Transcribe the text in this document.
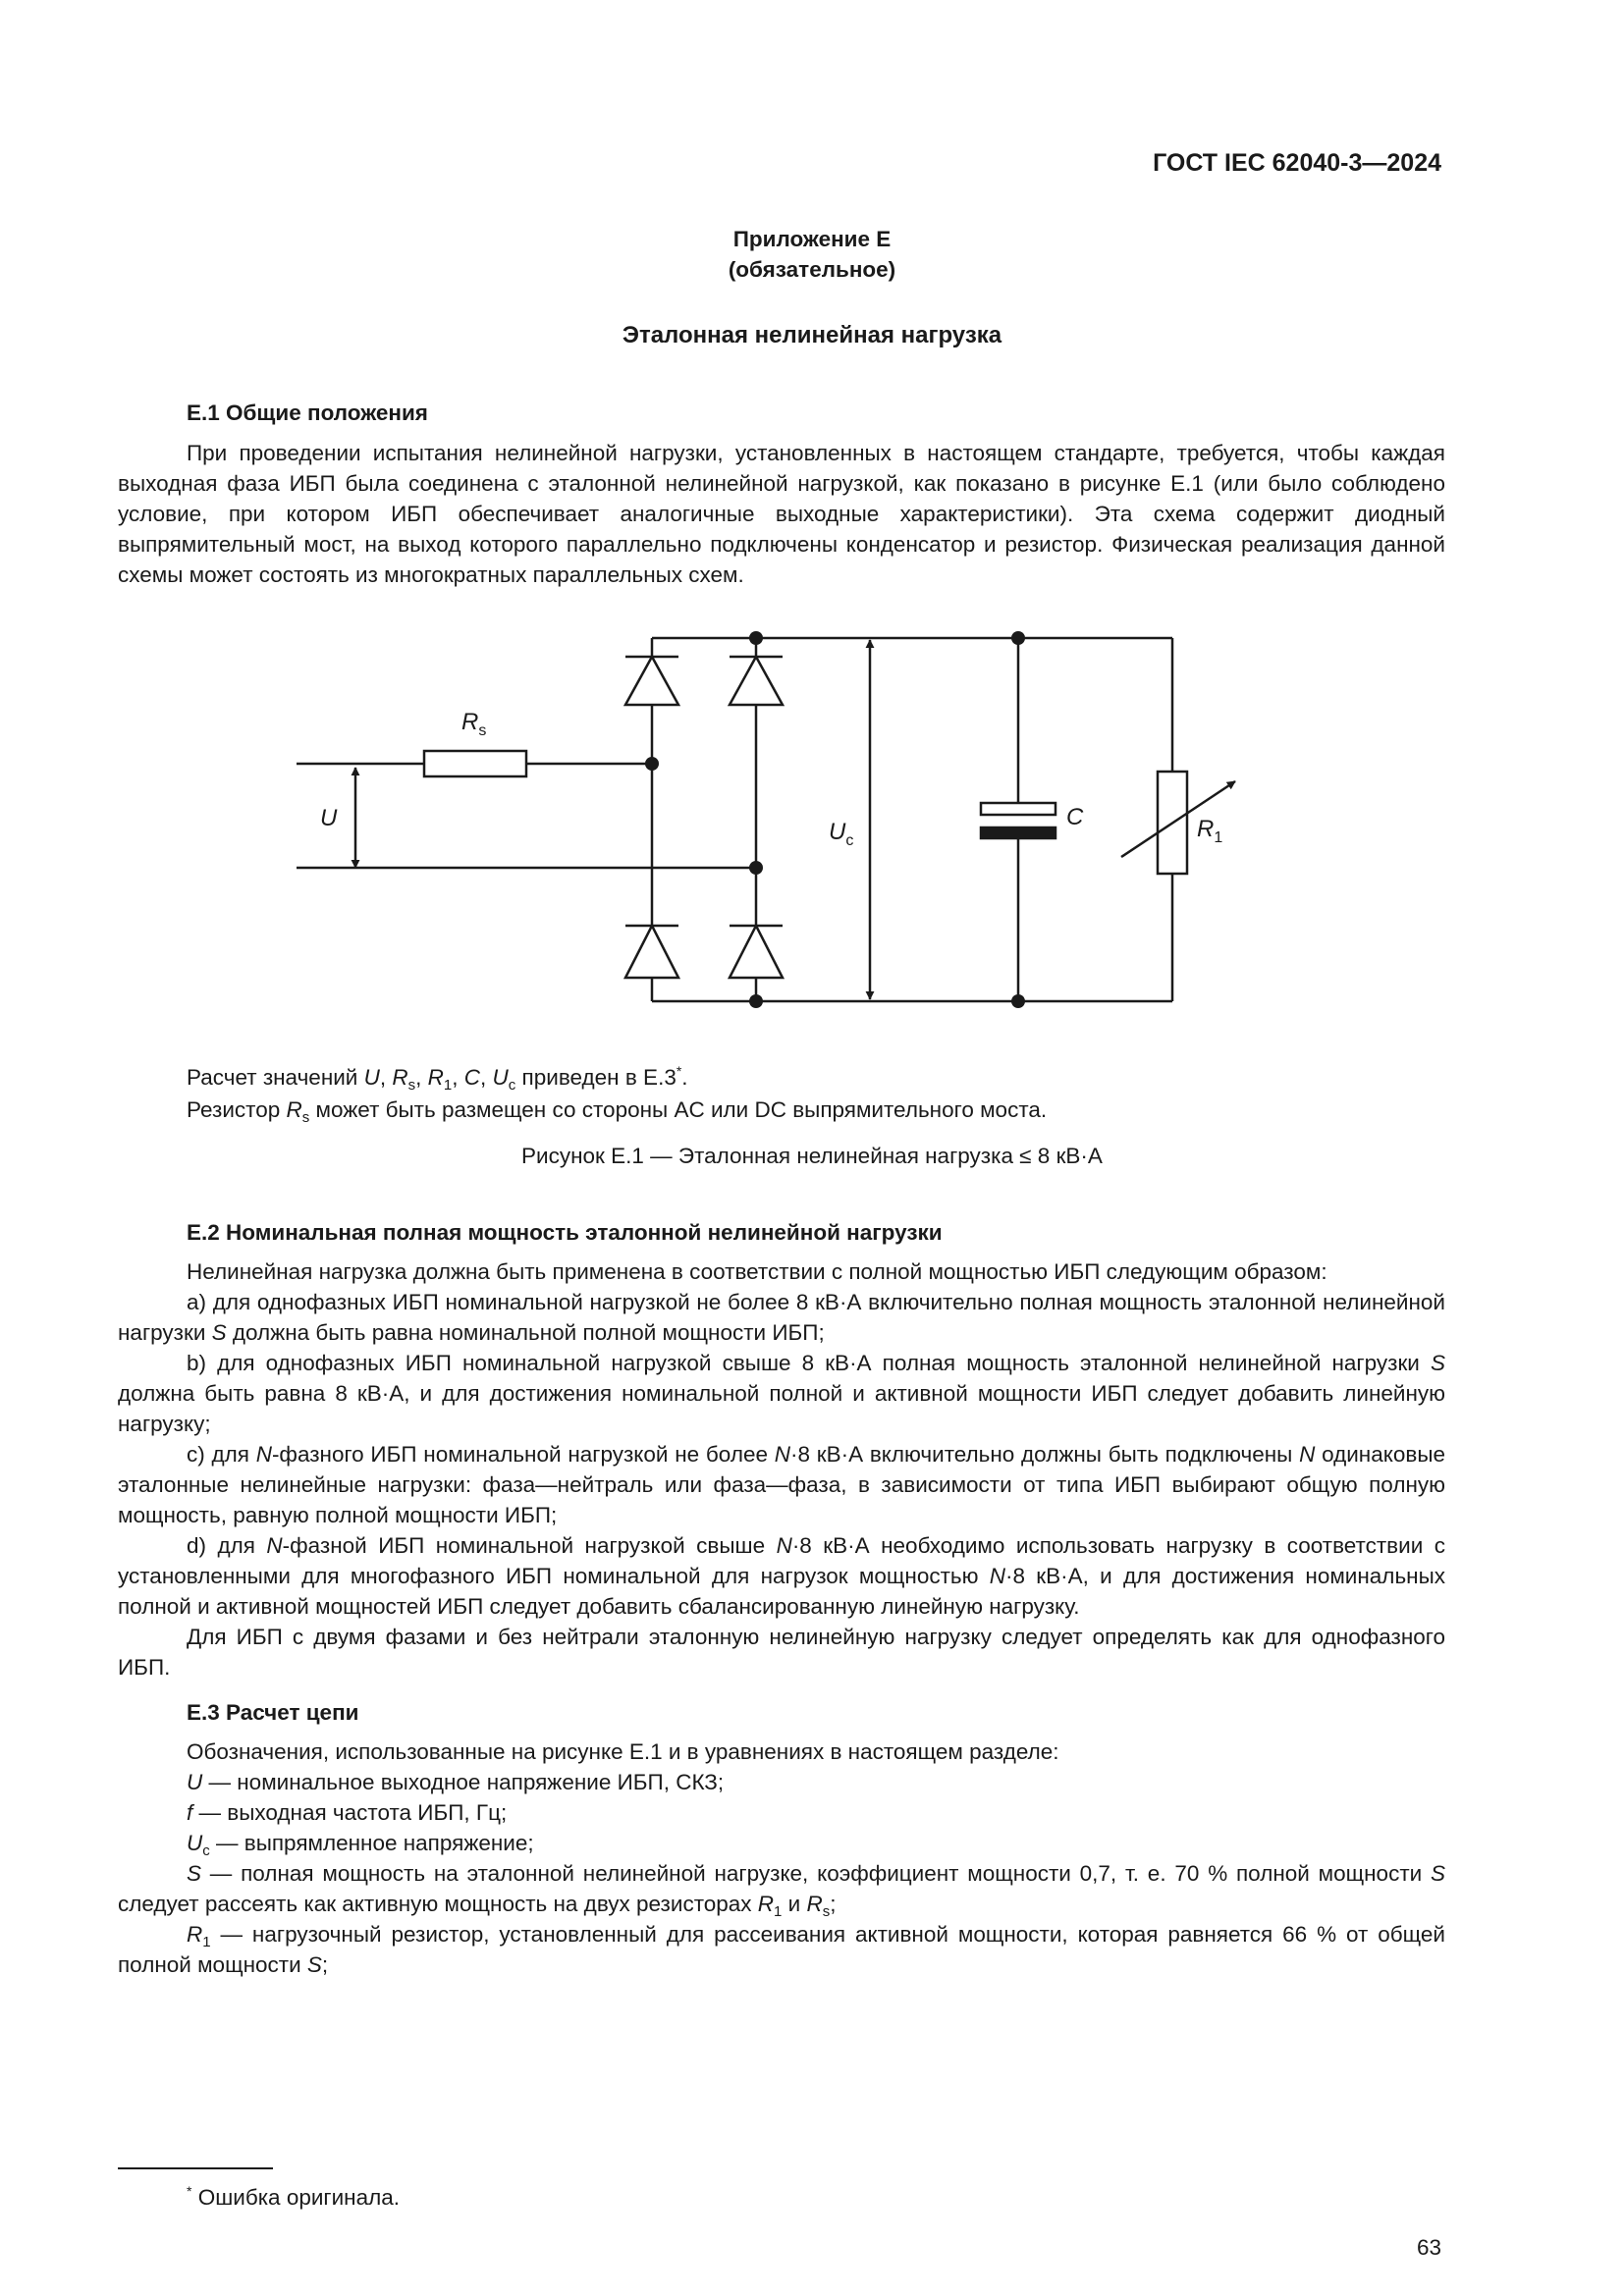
ГОСТ IEC 62040-3—2024
Приложение E
(обязательное)
Эталонная нелинейная нагрузка
E.1 Общие положения
При проведении испытания нелинейной нагрузки, установленных в настоящем стандарте, требуется, чтобы каждая выходная фаза ИБП была соединена с эталонной нелинейной нагрузкой, как показано в рисунке E.1 (или было соблюдено условие, при котором ИБП обеспечивает аналогичные выходные характеристики). Эта схема содержит диодный выпрямительный мост, на выход которого параллельно подключены конденсатор и резистор. Физическая реализация данной схемы может состоять из многократных параллельных схем.
$R_s$
U
$U_c$
C	$R_1$
Расчет значений U, $R_s$, $R_1$, C, $U_c$ приведен в E.3*.
Резистор $R_s$ может быть размещен со стороны AC или DC выпрямительного моста.
Рисунок E.1 — Эталонная нелинейная нагрузка ≤ 8 кВ·А
E.2 Номинальная полная мощность эталонной нелинейной нагрузки
Нелинейная нагрузка должна быть применена в соответствии с полной мощностью ИБП следующим образом:
а) для однофазных ИБП номинальной нагрузкой не более 8 кВ·А включительно полная мощность эталонной нелинейной нагрузки S должна быть равна номинальной полной мощности ИБП;
b) для однофазных ИБП номинальной нагрузкой свыше 8 кВ·А полная мощность эталонной нелинейной нагрузки S должна быть равна 8 кВ·А, и для достижения номинальной полной и активной мощности ИБП следует добавить линейную нагрузку;
с) для N-фазного ИБП номинальной нагрузкой не более N·8 кВ·А включительно должны быть подключены N одинаковые эталонные нелинейные нагрузки: фаза—нейтраль или фаза—фаза, в зависимости от типа ИБП выбирают общую полную мощность, равную полной мощности ИБП;
d) для N-фазной ИБП номинальной нагрузкой свыше N·8 кВ·А необходимо использовать нагрузку в соответствии с установленными для многофазного ИБП номинальной для нагрузок мощностью N·8 кВ·А, и для достижения номинальных полной и активной мощностей ИБП следует добавить сбалансированную линейную нагрузку.
Для ИБП с двумя фазами и без нейтрали эталонную нелинейную нагрузку следует определять как для однофазного ИБП.
E.3 Расчет цепи
Обозначения, использованные на рисунке E.1 и в уравнениях в настоящем разделе:
U — номинальное выходное напряжение ИБП, СКЗ;
f — выходная частота ИБП, Гц;
$U_c$ — выпрямленное напряжение;
S — полная мощность на эталонной нелинейной нагрузке, коэффициент мощности 0,7, т. е. 70 % полной мощности S следует рассеять как активную мощность на двух резисторах $R_1$ и $R_s$;
$R_1$ — нагрузочный резистор, установленный для рассеивания активной мощности, которая равняется 66 % от общей полной мощности S;
* Ошибка оригинала.
63
